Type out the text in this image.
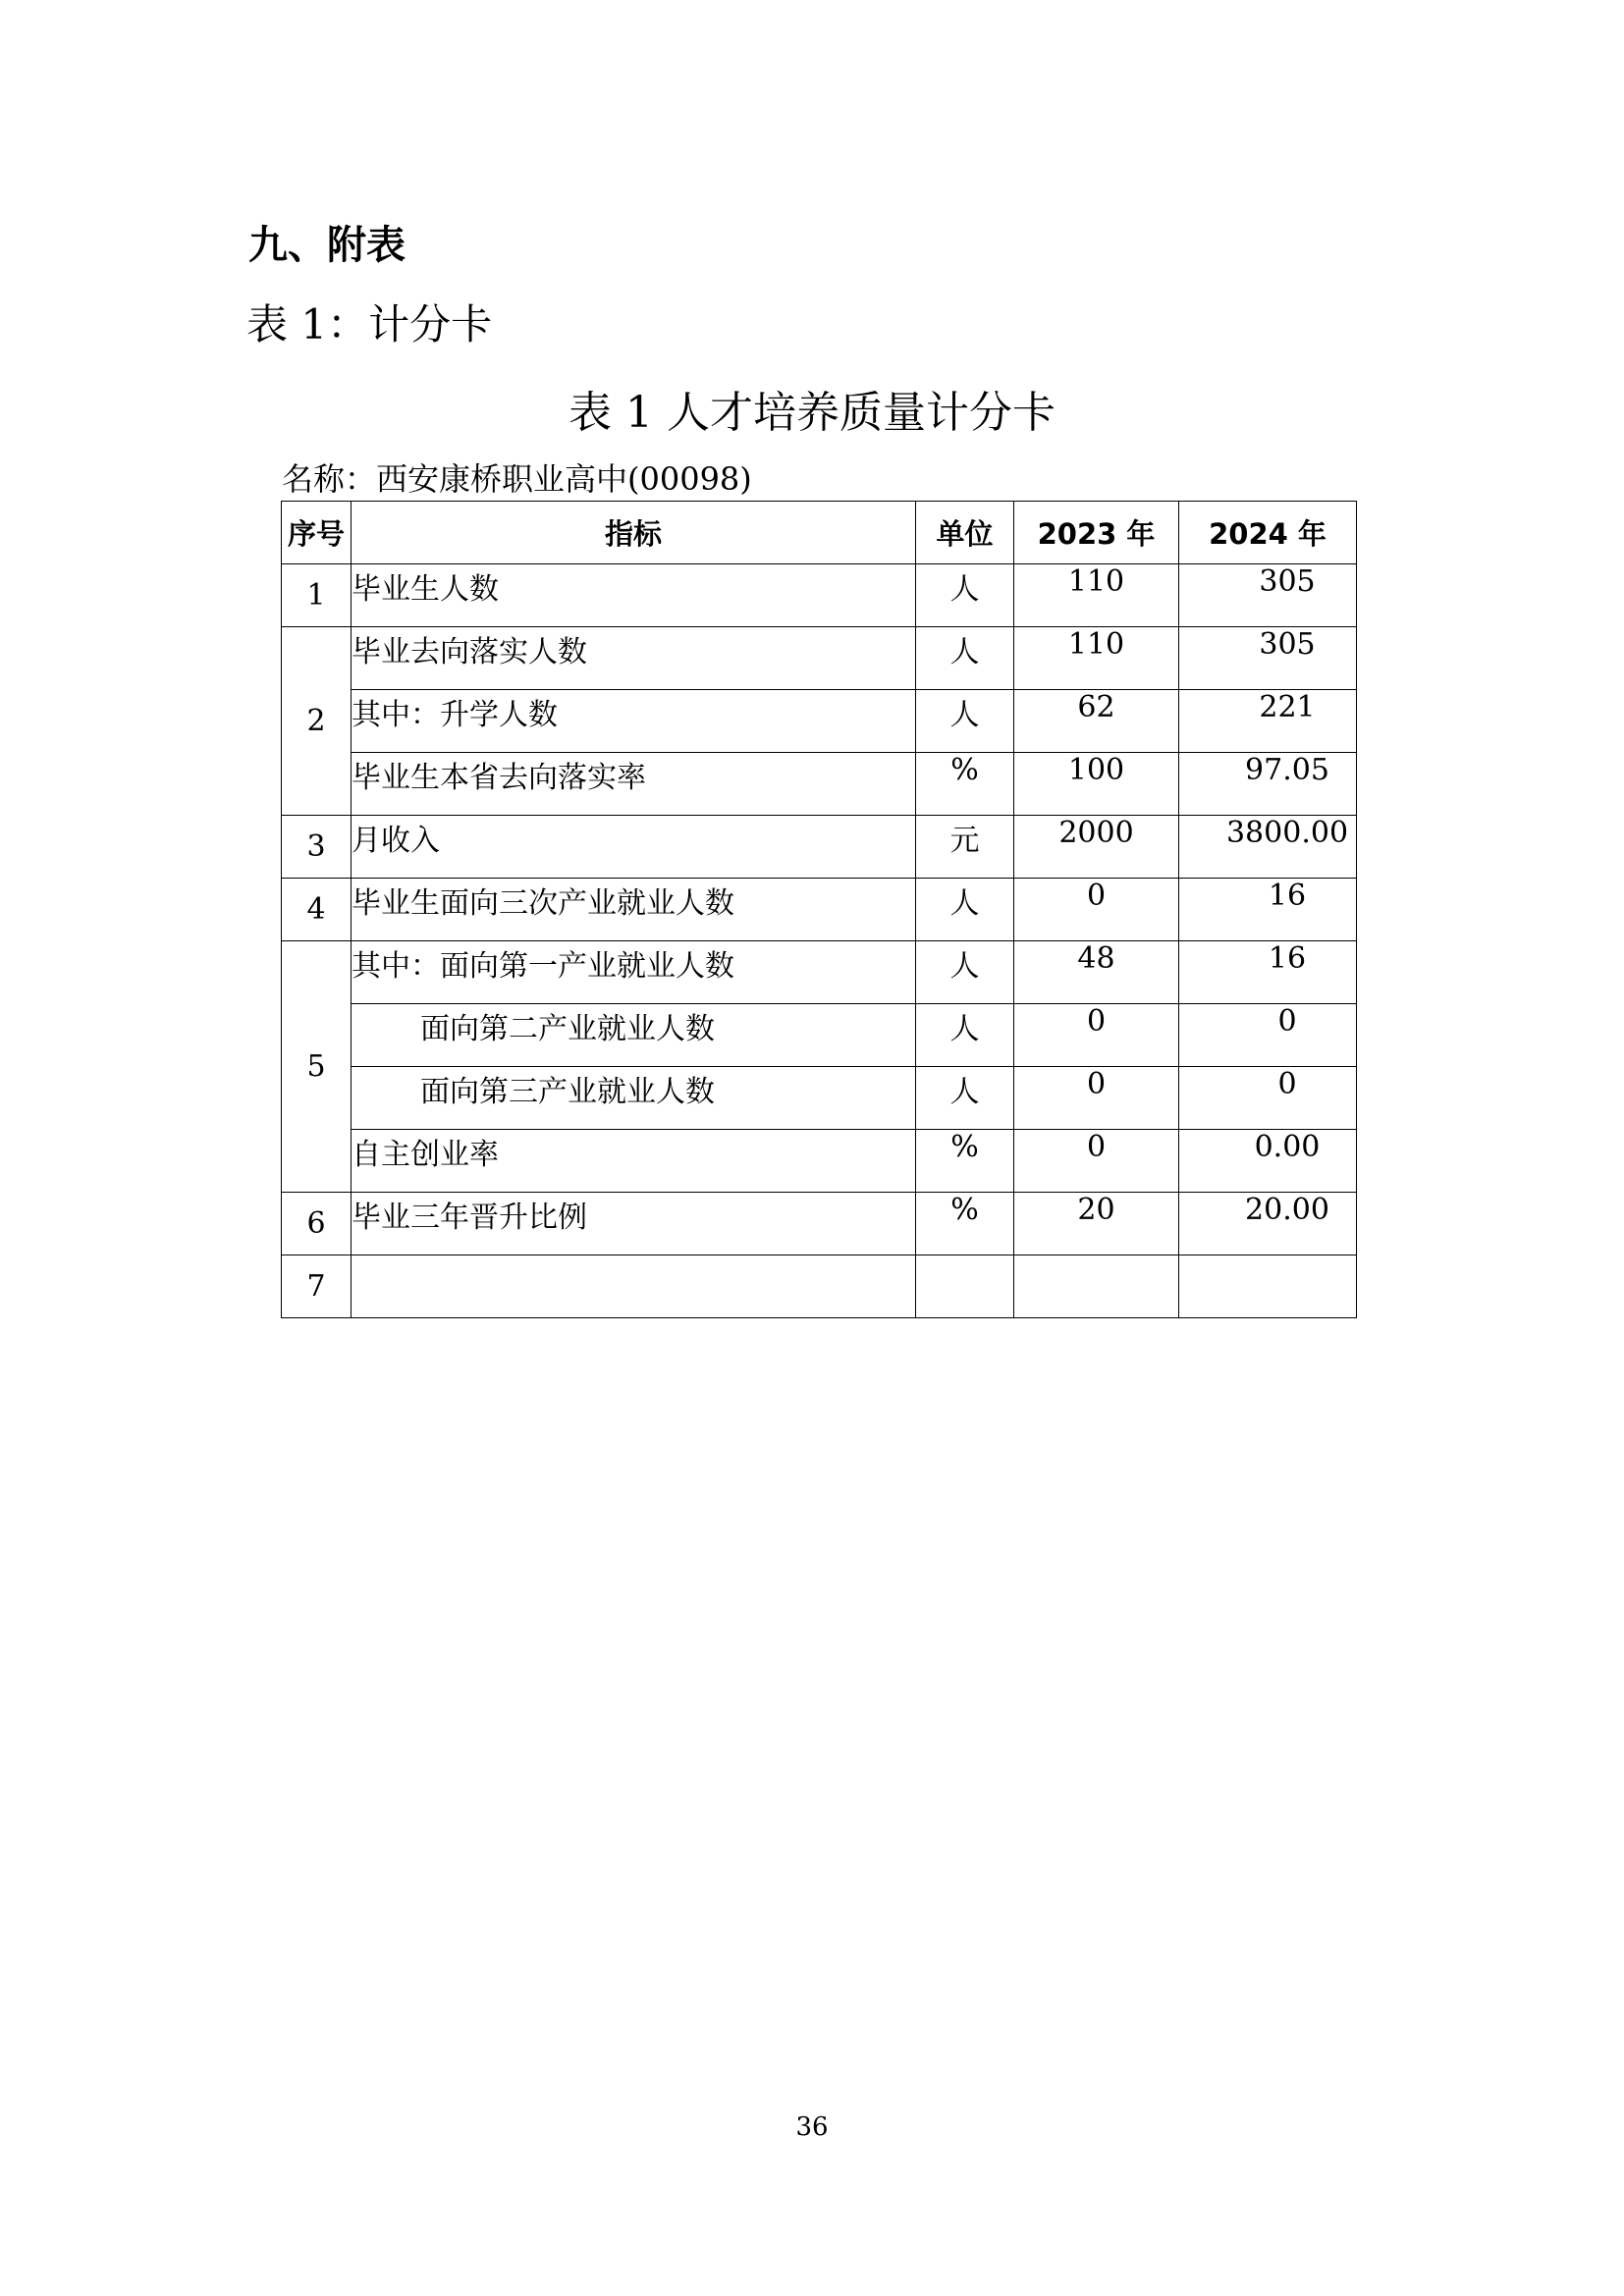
九、附表
表 1：计分卡
表 1 人才培养质量计分卡
名称：西安康桥职业高中(00098)
序号	指标	单位	2023 年	2024 年
1	毕业生人数	人	110	305
2	毕业去向落实人数	人	110	305
	其中：升学人数	人	62	221
	毕业生本省去向落实率	%	100	97.05
3	月收入	元	2000	3800.00
4	毕业生面向三次产业就业人数	人	0	16
5	其中：面向第一产业就业人数	人	48	16
	面向第二产业就业人数	人	0	0
	面向第三产业就业人数	人	0	0
	自主创业率	%	0	0.00
6	毕业三年晋升比例	%	20	20.00
7				
36
